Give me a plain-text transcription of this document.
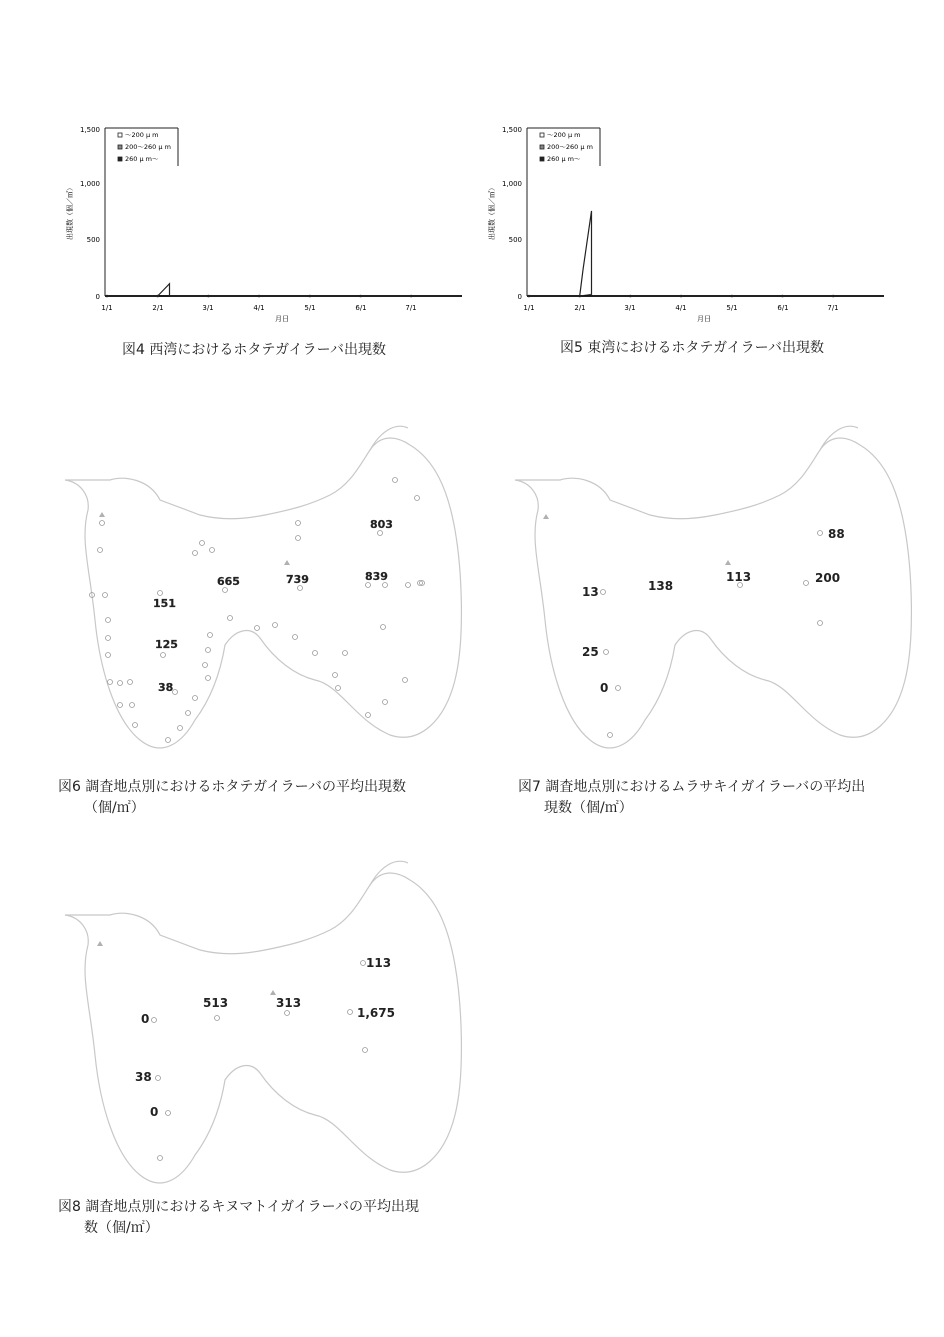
1,500
1,000
500
0
出現数（個／㎥）
1/1	2/1	3/1	4/1	5/1	6/1	7/1
月日
～200 μ m
200～260 μ m
260 μ m～
図4 西湾におけるホタテガイラーバ出現数
1,500
1,000
500
0
出現数（個／㎥）
1/1	2/1	3/1	4/1	5/1	6/1	7/1
月日
～200 μ m
200～260 μ m
260 μ m～
図5 東湾におけるホタテガイラーバ出現数
803
665	739	839
151
125
38
図6 調査地点別におけるホタテガイラーバの平均出現数
（個/㎡）
88
13	138
113	200
25
0
図7 調査地点別におけるムラサキイガイラーバの平均出
現数（個/㎡）
113
513	313
0	1,675
38
0
図8 調査地点別におけるキヌマトイガイラーバの平均出現
数（個/㎡）
